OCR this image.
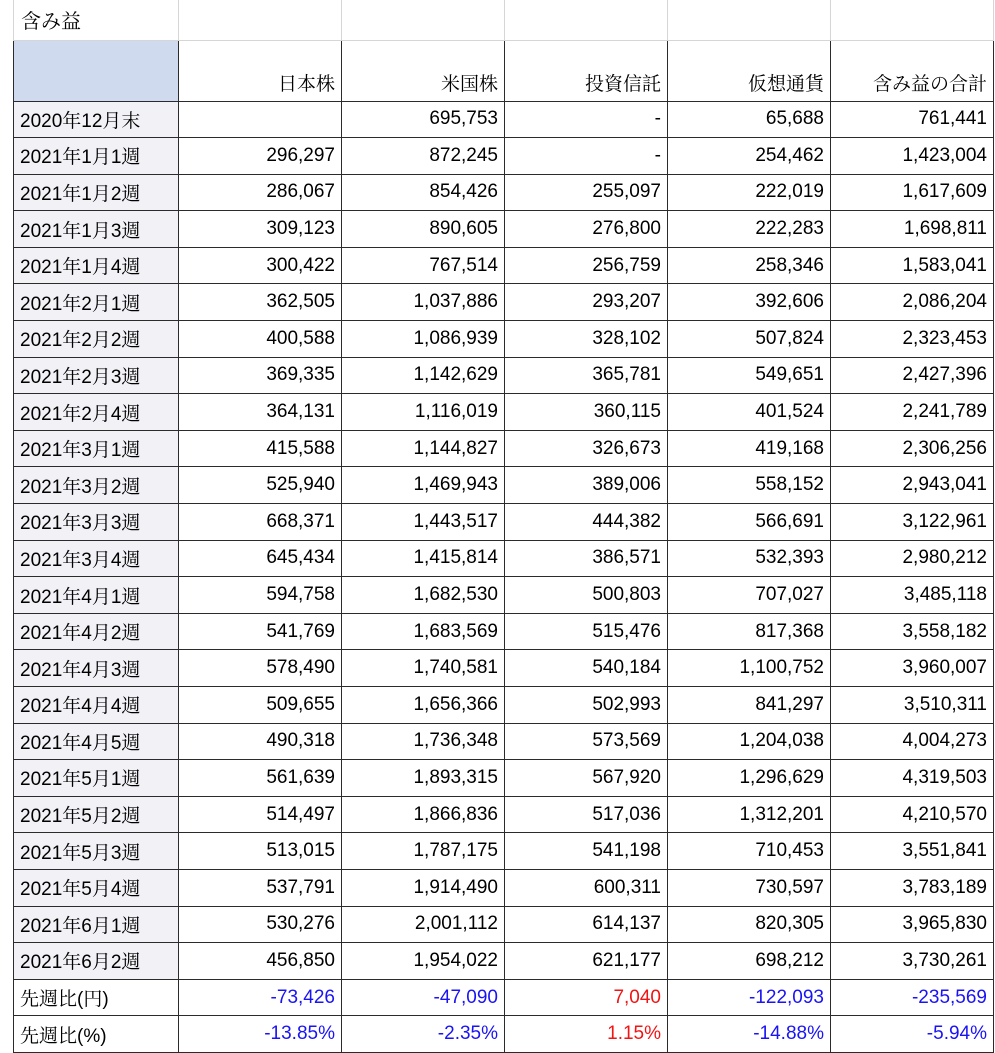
含み益					
	日本株	米国株	投資信託	仮想通貨	含み益の合計
2020年12月末		695,753	-	65,688	761,441
2021年1月1週	296,297	872,245	-	254,462	1,423,004
2021年1月2週	286,067	854,426	255,097	222,019	1,617,609
2021年1月3週	309,123	890,605	276,800	222,283	1,698,811
2021年1月4週	300,422	767,514	256,759	258,346	1,583,041
2021年2月1週	362,505	1,037,886	293,207	392,606	2,086,204
2021年2月2週	400,588	1,086,939	328,102	507,824	2,323,453
2021年2月3週	369,335	1,142,629	365,781	549,651	2,427,396
2021年2月4週	364,131	1,116,019	360,115	401,524	2,241,789
2021年3月1週	415,588	1,144,827	326,673	419,168	2,306,256
2021年3月2週	525,940	1,469,943	389,006	558,152	2,943,041
2021年3月3週	668,371	1,443,517	444,382	566,691	3,122,961
2021年3月4週	645,434	1,415,814	386,571	532,393	2,980,212
2021年4月1週	594,758	1,682,530	500,803	707,027	3,485,118
2021年4月2週	541,769	1,683,569	515,476	817,368	3,558,182
2021年4月3週	578,490	1,740,581	540,184	1,100,752	3,960,007
2021年4月4週	509,655	1,656,366	502,993	841,297	3,510,311
2021年4月5週	490,318	1,736,348	573,569	1,204,038	4,004,273
2021年5月1週	561,639	1,893,315	567,920	1,296,629	4,319,503
2021年5月2週	514,497	1,866,836	517,036	1,312,201	4,210,570
2021年5月3週	513,015	1,787,175	541,198	710,453	3,551,841
2021年5月4週	537,791	1,914,490	600,311	730,597	3,783,189
2021年6月1週	530,276	2,001,112	614,137	820,305	3,965,830
2021年6月2週	456,850	1,954,022	621,177	698,212	3,730,261
先週比(円)	-73,426	-47,090	7,040	-122,093	-235,569
先週比(%)	-13.85%	-2.35%	1.15%	-14.88%	-5.94%
